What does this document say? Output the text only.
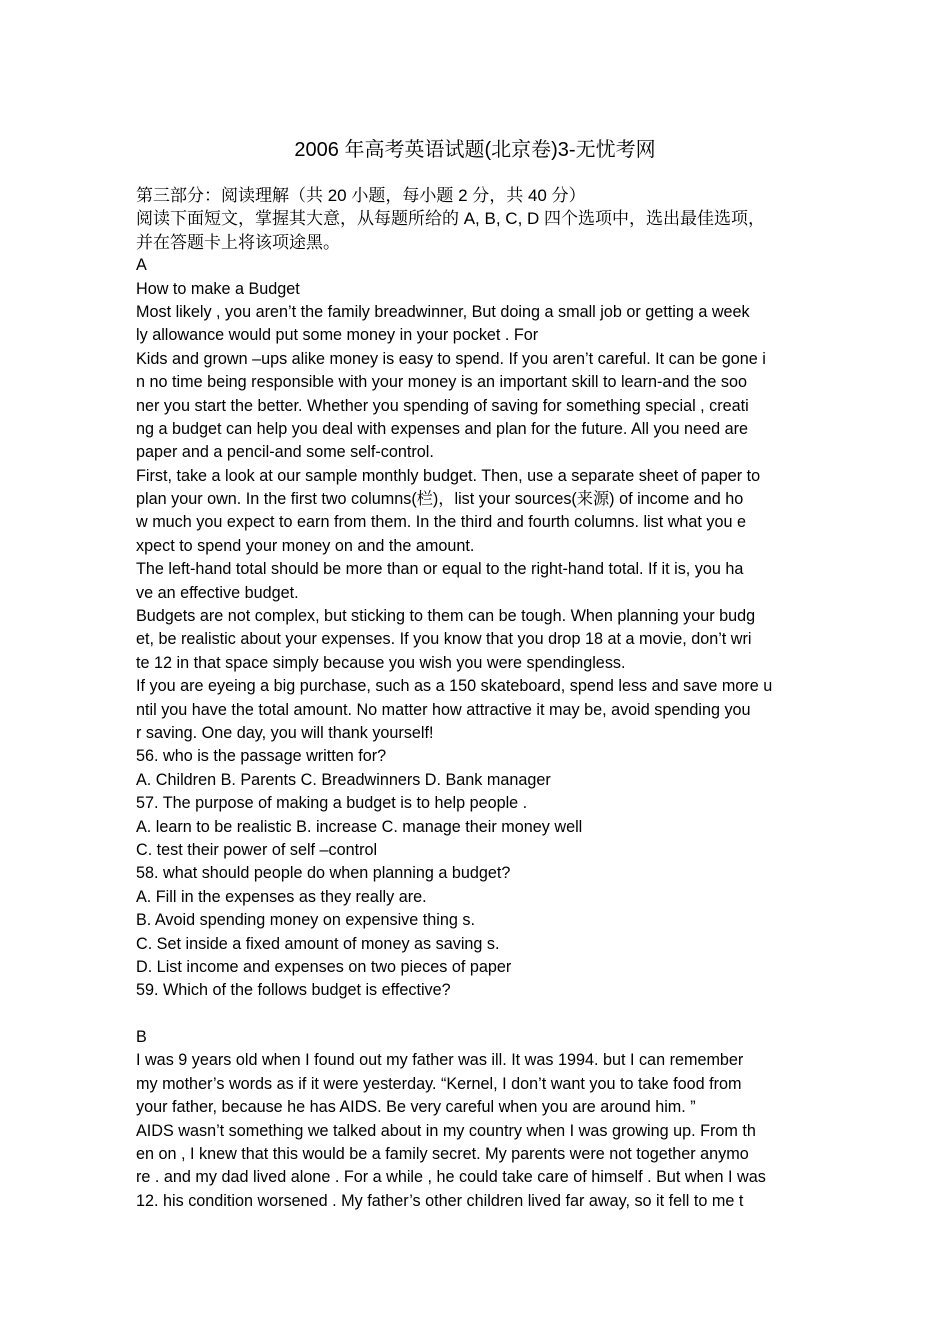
2006 年高考英语试题(北京卷)3-无忧考网
第三部分：阅读理解（共 20 小题，每小题 2 分，共 40 分）
阅读下面短文，掌握其大意，从每题所给的 A, B, C, D 四个选项中，选出最佳选项，
并在答题卡上将该项途黑。
A
How to make a Budget
Most likely , you aren’t the family breadwinner, But doing a small job or getting a week
ly allowance would put some money in your pocket . For
Kids and grown –ups alike money is easy to spend. If you aren’t careful. It can be gone i
n no time being responsible with your money is an important skill to learn-and the soo
ner you start the better. Whether you spending of saving for something special , creati
ng a budget can help you deal with expenses and plan for the future. All you need are
paper and a pencil-and some self-control.
First, take a look at our sample monthly budget. Then, use a separate sheet of paper to
plan your own. In the first two columns(栏)，list your sources(来源) of income and ho
w much you expect to earn from them. In the third and fourth columns. list what you e
xpect to spend your money on and the amount.
The left-hand total should be more than or equal to the right-hand total. If it is, you ha
ve an effective budget.
Budgets are not complex, but sticking to them can be tough. When planning your budg
et, be realistic about your expenses. If you know that you drop 18 at a movie, don’t wri
te 12 in that space simply because you wish you were spendingless.
If you are eyeing a big purchase, such as a 150 skateboard, spend less and save more u
ntil you have the total amount. No matter how attractive it may be, avoid spending you
r saving. One day, you will thank yourself!
56. who is the passage written for?
A. Children B. Parents C. Breadwinners D. Bank manager
57. The purpose of making a budget is to help people .
A. learn to be realistic B. increase C. manage their money well
C. test their power of self –control
58. what should people do when planning a budget?
A. Fill in the expenses as they really are.
B. Avoid spending money on expensive thing s.
C. Set inside a fixed amount of money as saving s.
D. List income and expenses on two pieces of paper
59. Which of the follows budget is effective?
B
I was 9 years old when I found out my father was ill. It was 1994. but I can remember
my mother’s words as if it were yesterday. “Kernel, I don’t want you to take food from
your father, because he has AIDS. Be very careful when you are around him. ”
AIDS wasn’t something we talked about in my country when I was growing up. From th
en on , I knew that this would be a family secret. My parents were not together anymo
re . and my dad lived alone . For a while , he could take care of himself . But when I was
12. his condition worsened . My father’s other children lived far away, so it fell to me t
